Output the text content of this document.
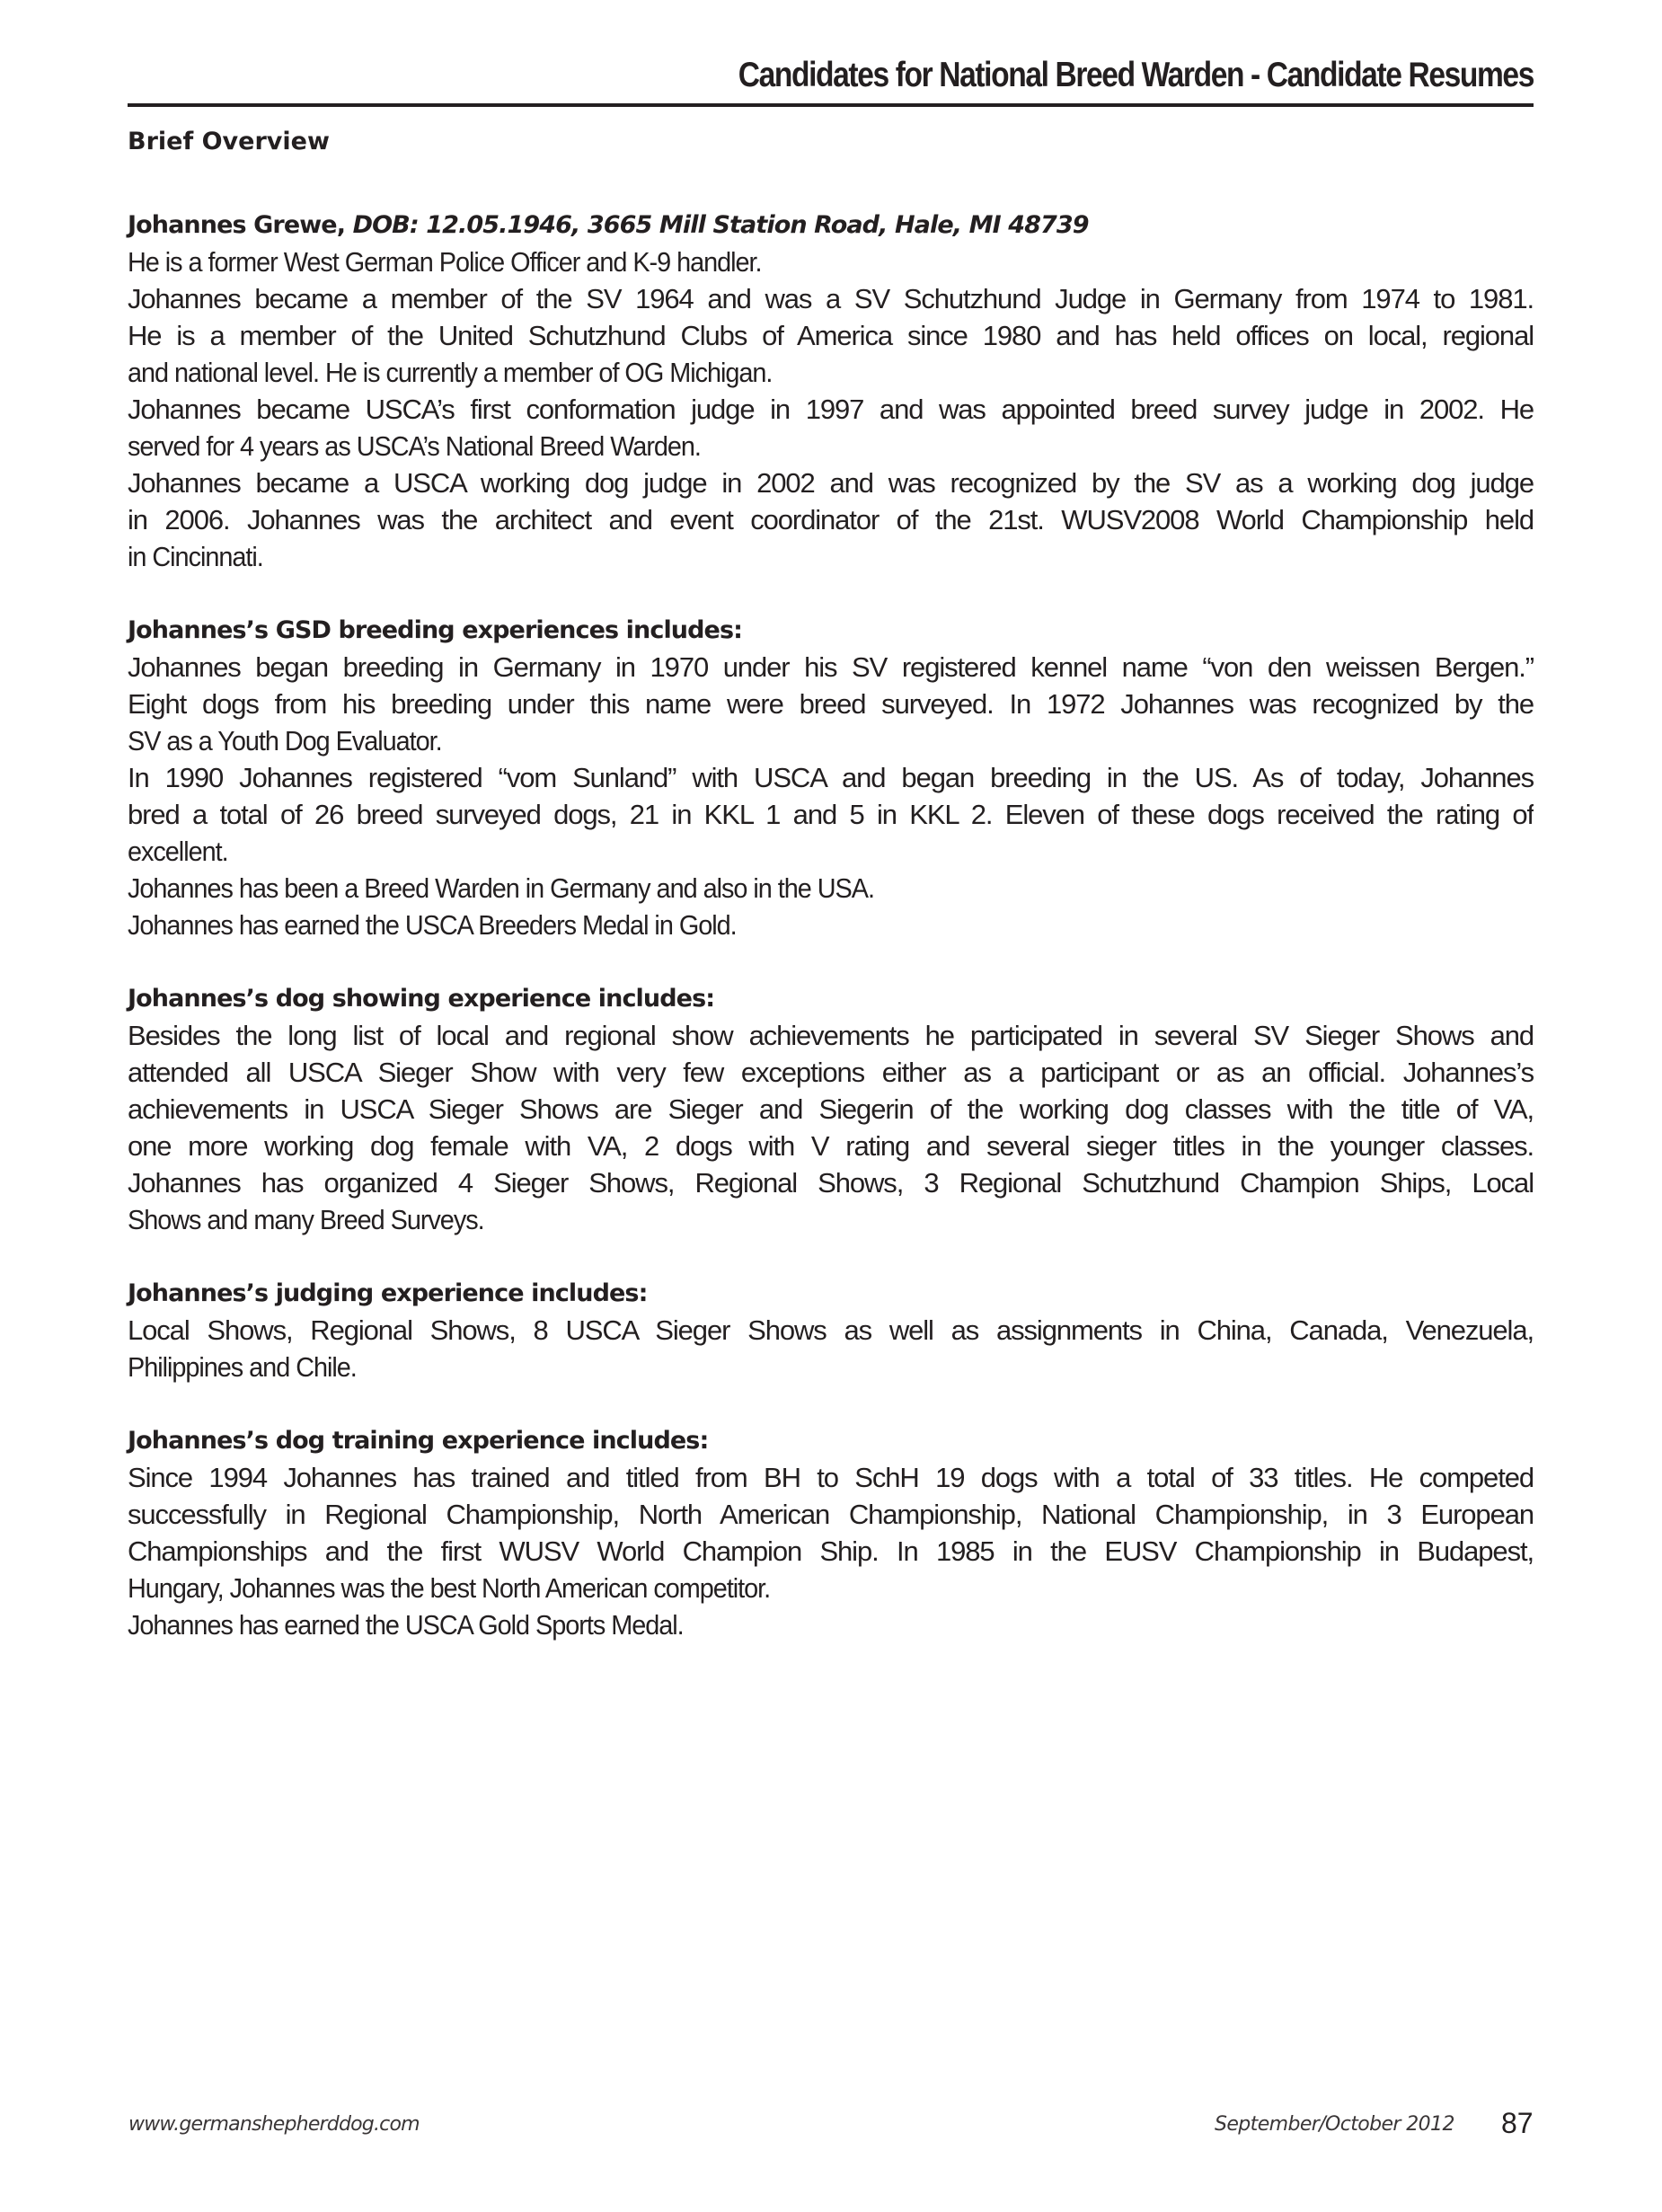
Candidates for National Breed Warden - Candidate Resumes
Brief Overview
Johannes Grewe, DOB: 12.05.1946, 3665 Mill Station Road, Hale, MI 48739
He is a former West German Police Officer and K-9 handler.
Johannes became a member of the SV 1964 and was a SV Schutzhund Judge in Germany from 1974 to 1981.
He is a member of the United Schutzhund Clubs of America since 1980 and has held offices on local, regional
and national level. He is currently a member of OG Michigan.
Johannes became USCA’s first conformation judge in 1997 and was appointed breed survey judge in 2002. He
served for 4 years as USCA’s National Breed Warden.
Johannes became a USCA working dog judge in 2002 and was recognized by the SV as a working dog judge
in 2006. Johannes was the architect and event coordinator of the 21st. WUSV2008 World Championship held
in Cincinnati.
Johannes’s GSD breeding experiences includes:
Johannes began breeding in Germany in 1970 under his SV registered kennel name “von den weissen Bergen.”
Eight dogs from his breeding under this name were breed surveyed. In 1972 Johannes was recognized by the
SV as a Youth Dog Evaluator.
In 1990 Johannes registered “vom Sunland” with USCA and began breeding in the US. As of today, Johannes
bred a total of 26 breed surveyed dogs, 21 in KKL 1 and 5 in KKL 2. Eleven of these dogs received the rating of
excellent.
Johannes has been a Breed Warden in Germany and also in the USA.
Johannes has earned the USCA Breeders Medal in Gold.
Johannes’s dog showing experience includes:
Besides the long list of local and regional show achievements he participated in several SV Sieger Shows and
attended all USCA Sieger Show with very few exceptions either as a participant or as an official. Johannes’s
achievements in USCA Sieger Shows are Sieger and Siegerin of the working dog classes with the title of VA,
one more working dog female with VA, 2 dogs with V rating and several sieger titles in the younger classes.
Johannes has organized 4 Sieger Shows, Regional Shows, 3 Regional Schutzhund Champion Ships, Local
Shows and many Breed Surveys.
Johannes’s judging experience includes:
Local Shows, Regional Shows, 8 USCA Sieger Shows as well as assignments in China, Canada, Venezuela,
Philippines and Chile.
Johannes’s dog training experience includes:
Since 1994 Johannes has trained and titled from BH to SchH 19 dogs with a total of 33 titles. He competed
successfully in Regional Championship, North American Championship, National Championship, in 3 European
Championships and the first WUSV World Champion Ship. In 1985 in the EUSV Championship in Budapest,
Hungary, Johannes was the best North American competitor.
Johannes has earned the USCA Gold Sports Medal.
www.germanshepherddog.com	September/October 2012 87
